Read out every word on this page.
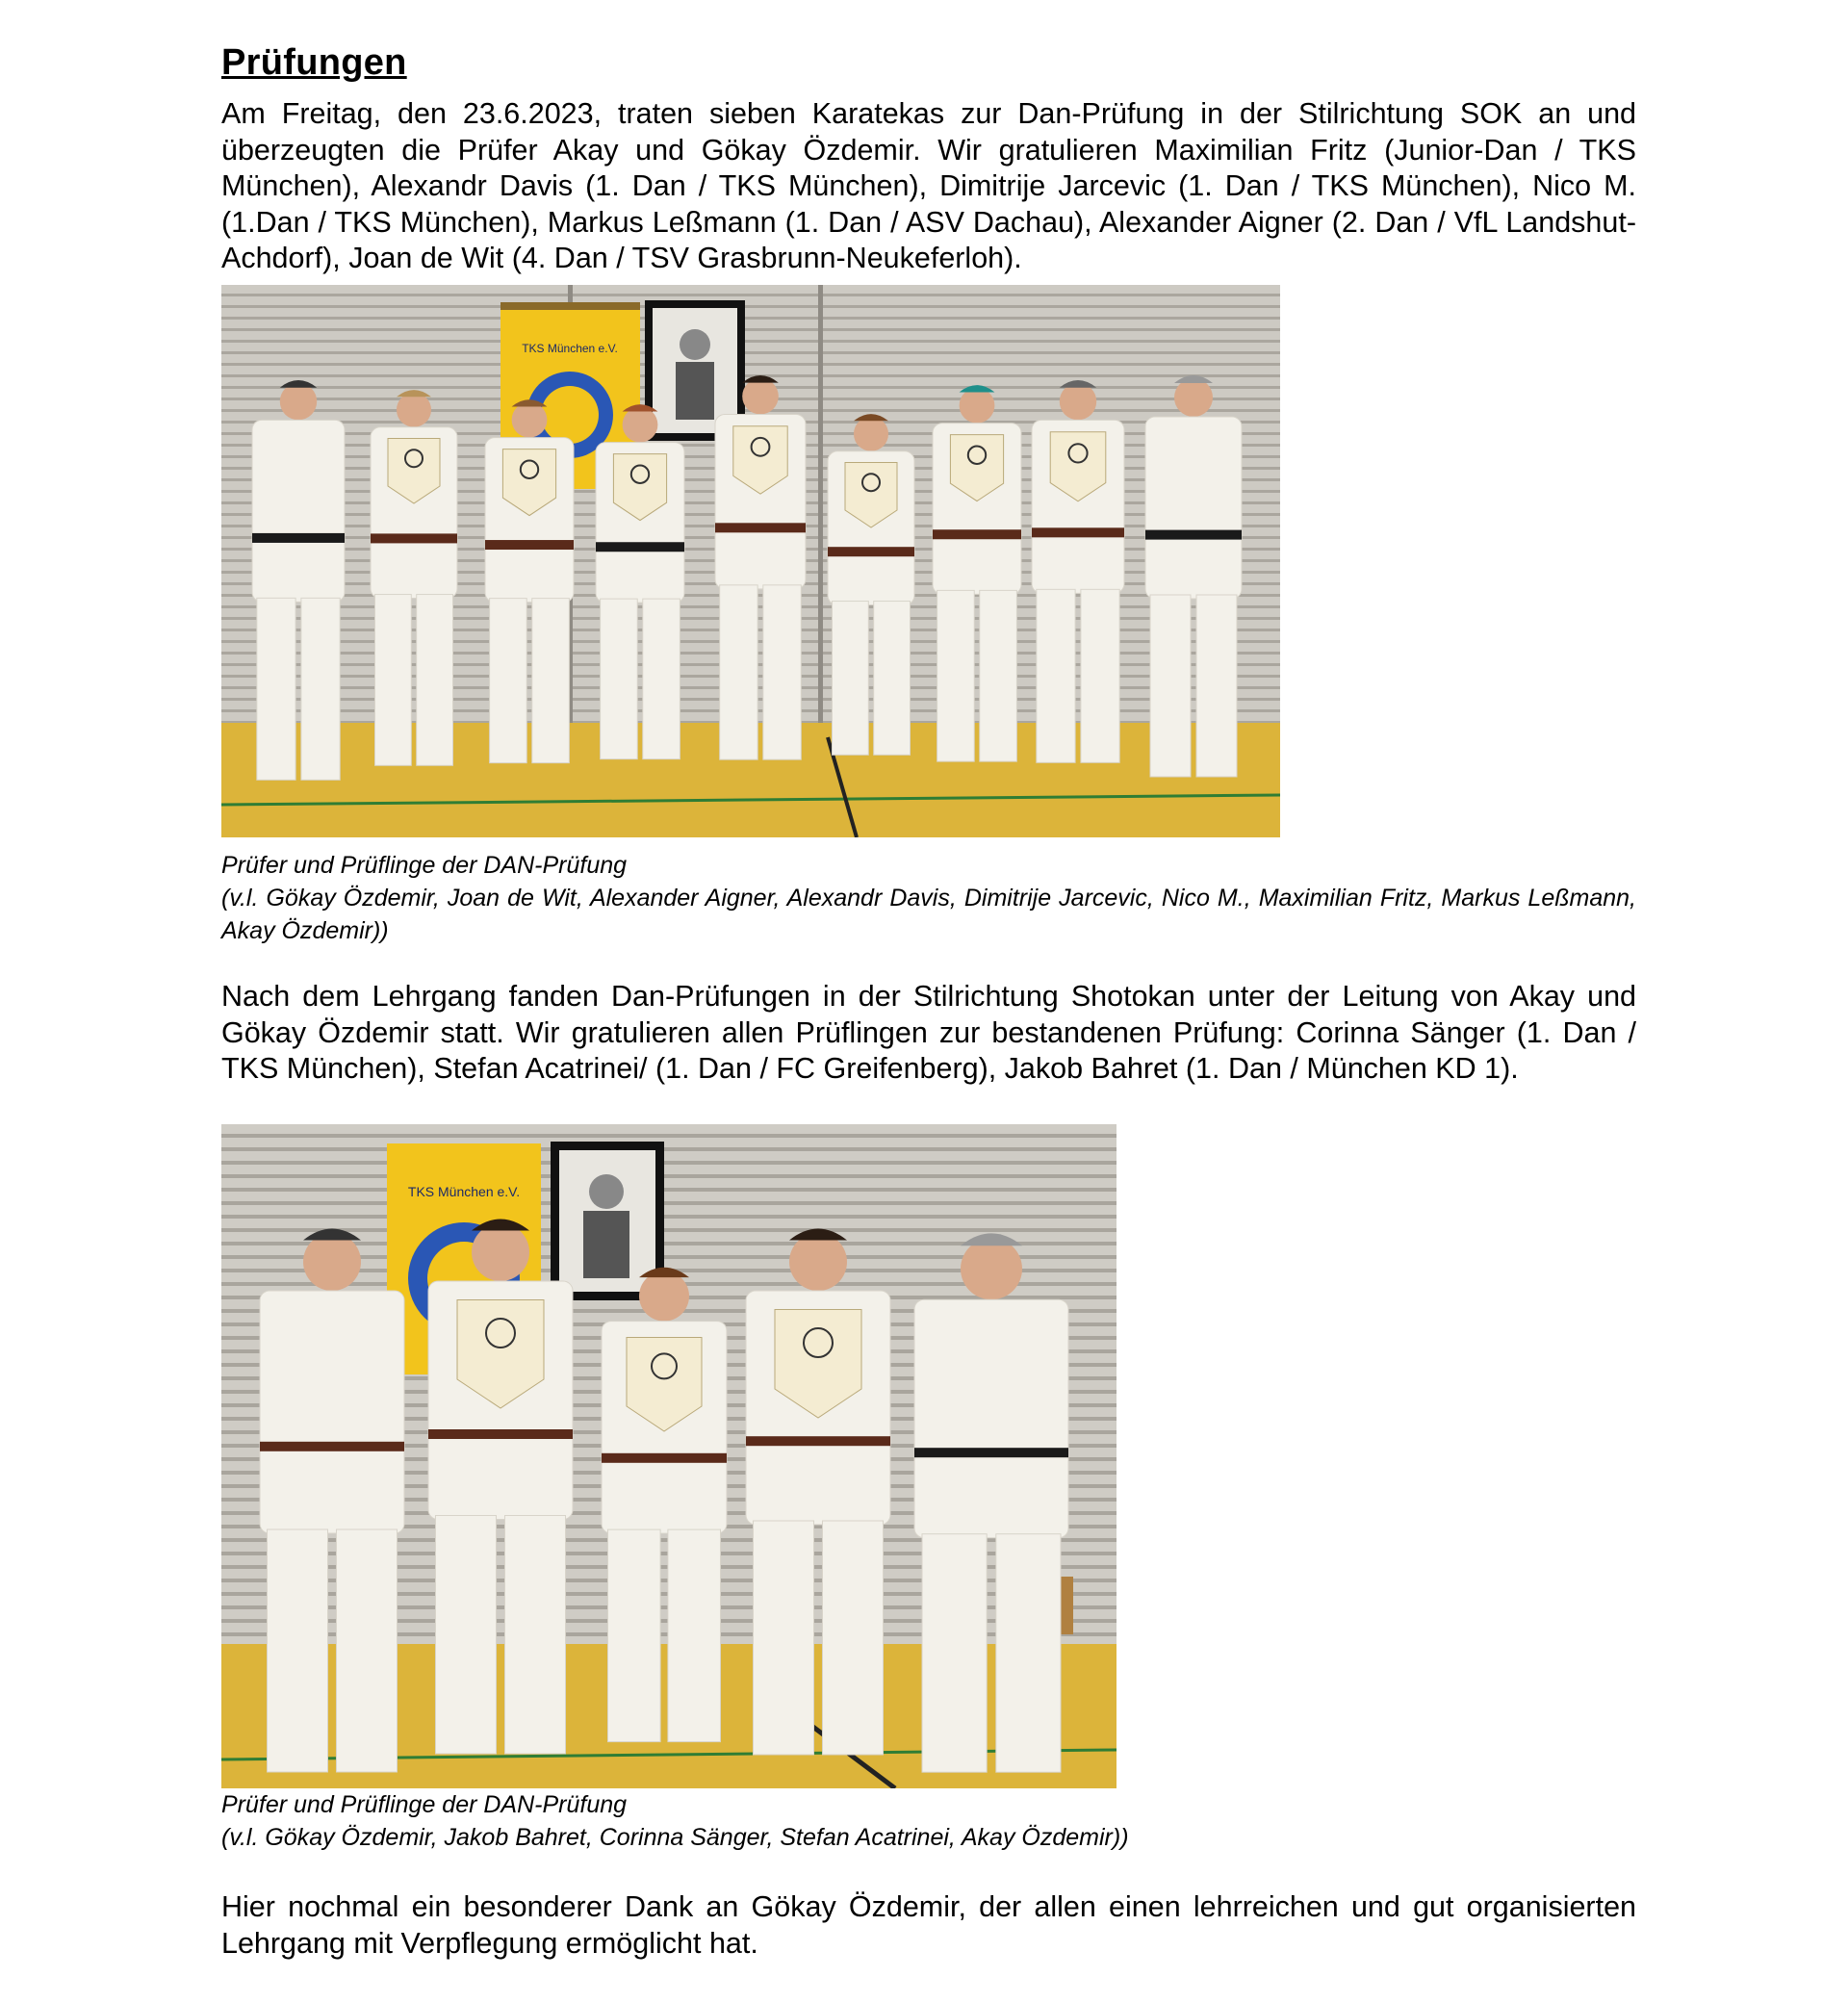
Prüfungen

Am Freitag, den 23.6.2023, traten sieben Karatekas zur Dan-Prüfung in der Stilrichtung SOK an und überzeugten die Prüfer Akay und Gökay Özdemir. Wir gratulieren Maximilian Fritz (Junior-Dan / TKS München), Alexandr Davis (1. Dan / TKS München), Dimitrije Jarcevic (1. Dan / TKS München), Nico M. (1.Dan / TKS München), Markus Leßmann (1. Dan / ASV Dachau), Alexander Aigner (2. Dan / VfL Landshut-Achdorf), Joan de Wit (4. Dan / TSV Grasbrunn-Neukeferloh).

TKS München e.V.

Prüfer und Prüflinge der DAN-Prüfung
(v.l. Gökay Özdemir, Joan de Wit, Alexander Aigner, Alexandr Davis, Dimitrije Jarcevic, Nico M., Maximilian Fritz, Markus Leßmann, Akay Özdemir))

Nach dem Lehrgang fanden Dan-Prüfungen in der Stilrichtung Shotokan unter der Leitung von Akay und Gökay Özdemir statt. Wir gratulieren allen Prüflingen zur bestandenen Prüfung: Corinna Sänger (1. Dan / TKS München), Stefan Acatrinei/ (1. Dan / FC Greifenberg), Jakob Bahret (1. Dan / München KD 1).

TKS München e.V.

Prüfer und Prüflinge der DAN-Prüfung
(v.l. Gökay Özdemir, Jakob Bahret, Corinna Sänger, Stefan Acatrinei, Akay Özdemir))

Hier nochmal ein besonderer Dank an Gökay Özdemir, der allen einen lehrreichen und gut organisierten Lehrgang mit Verpflegung ermöglicht hat.
